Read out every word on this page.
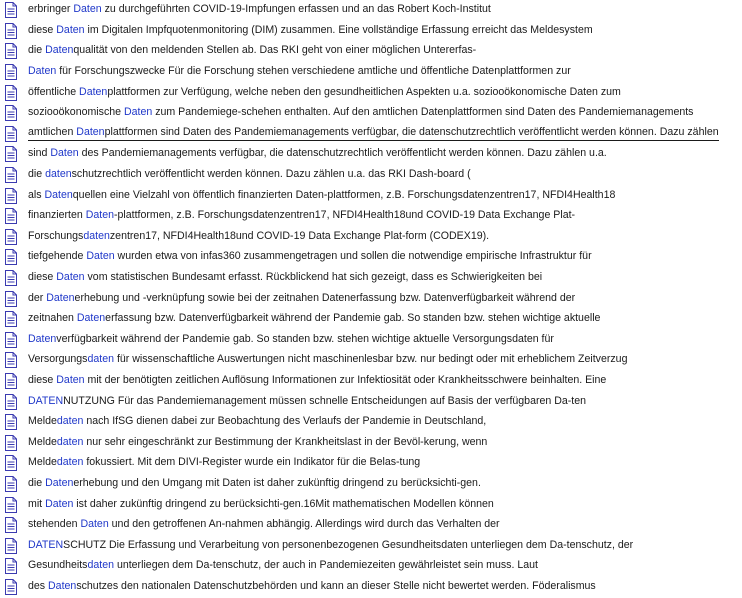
erbringer Daten zu durchgeführten COVID-19-Impfungen erfassen und an das Robert Koch-Institut
diese Daten im Digitalen Impfquotenmonitoring (DIM) zusammen. Eine vollständige Erfassung erreicht das Meldesystem
die Datenqualität von den meldenden Stellen ab. Das RKI geht von einer möglichen Untererfas-
Daten für Forschungszwecke Für die Forschung stehen verschiedene amtliche und öffentliche Datenplattformen zur
öffentliche Datenplattformen zur Verfügung, welche neben den gesundheitlichen Aspekten u.a. soziooökonomische Daten zum
soziooökonomische Daten zum Pandemiege-schehen enthalten. Auf den amtlichen Datenplattformen sind Daten des Pandemiemanagements
amtlichen Datenplattformen sind Daten des Pandemiemanagements verfügbar, die datenschutzrechtlich veröffentlicht werden können. Dazu zählen
sind Daten des Pandemiemanagements verfügbar, die datenschutzrechtlich veröffentlicht werden können. Dazu zählen u.a.
die datenschutzrechtlich veröffentlicht werden können. Dazu zählen u.a. das RKI Dash-board (
als Datenquellen eine Vielzahl von öffentlich finanzierten Daten-plattformen, z.B. Forschungsdatenzentren17, NFDI4Health18
finanzierten Daten-plattformen, z.B. Forschungsdatenzentren17, NFDI4Health18und COVID-19 Data Exchange Plat-
Forschungsdatenzentren17, NFDI4Health18und COVID-19 Data Exchange Plat-form (CODEX19).
tiefgehende Daten wurden etwa von infas360 zusammengetragen und sollen die notwendige empirische Infrastruktur für
diese Daten vom statistischen Bundesamt erfasst. Rückblickend hat sich gezeigt, dass es Schwierigkeiten bei
der Datenerhebung und -verknüpfung sowie bei der zeitnahen Datenerfassung bzw. Datenverfügbarkeit während der
zeitnahen Datenerfassung bzw. Datenverfügbarkeit während der Pandemie gab. So standen bzw. stehen wichtige aktuelle
Datenverfügbarkeit während der Pandemie gab. So standen bzw. stehen wichtige aktuelle Versorgungsdaten für
Versorgungsdaten für wissenschaftliche Auswertungen nicht maschinenlesbar bzw. nur bedingt oder mit erheblichem Zeitverzug
diese Daten mit der benötigten zeitlichen Auflösung Informationen zur Infektiosität oder Krankheitsschwere beinhalten. Eine
DATENNUTZUNG Für das Pandemiemanagement müssen schnelle Entscheidungen auf Basis der verfügbaren Da-ten
Meldedaten nach IfSG dienen dabei zur Beobachtung des Verlaufs der Pandemie in Deutschland,
Meldedaten nur sehr eingeschränkt zur Bestimmung der Krankheitslast in der Bevöl-kerung, wenn
Meldedaten fokussiert. Mit dem DIVI-Register wurde ein Indikator für die Belas-tung
die Datenerhebung und den Umgang mit Daten ist daher zukünftig dringend zu berücksichti-gen.
mit Daten ist daher zukünftig dringend zu berücksichti-gen.16Mit mathematischen Modellen können
stehenden Daten und den getroffenen An-nahmen abhängig. Allerdings wird durch das Verhalten der
DATENSCHUTZ Die Erfassung und Verarbeitung von personenbezogenen Gesundheitsdaten unterliegen dem Da-tenschutz, der
Gesundheitsdaten unterliegen dem Da-tenschutz, der auch in Pandemiezeiten gewährleistet sein muss. Laut
des Datenschutzes den nationalen Datenschutzbehörden und kann an dieser Stelle nicht bewertet werden. Föderalismus
